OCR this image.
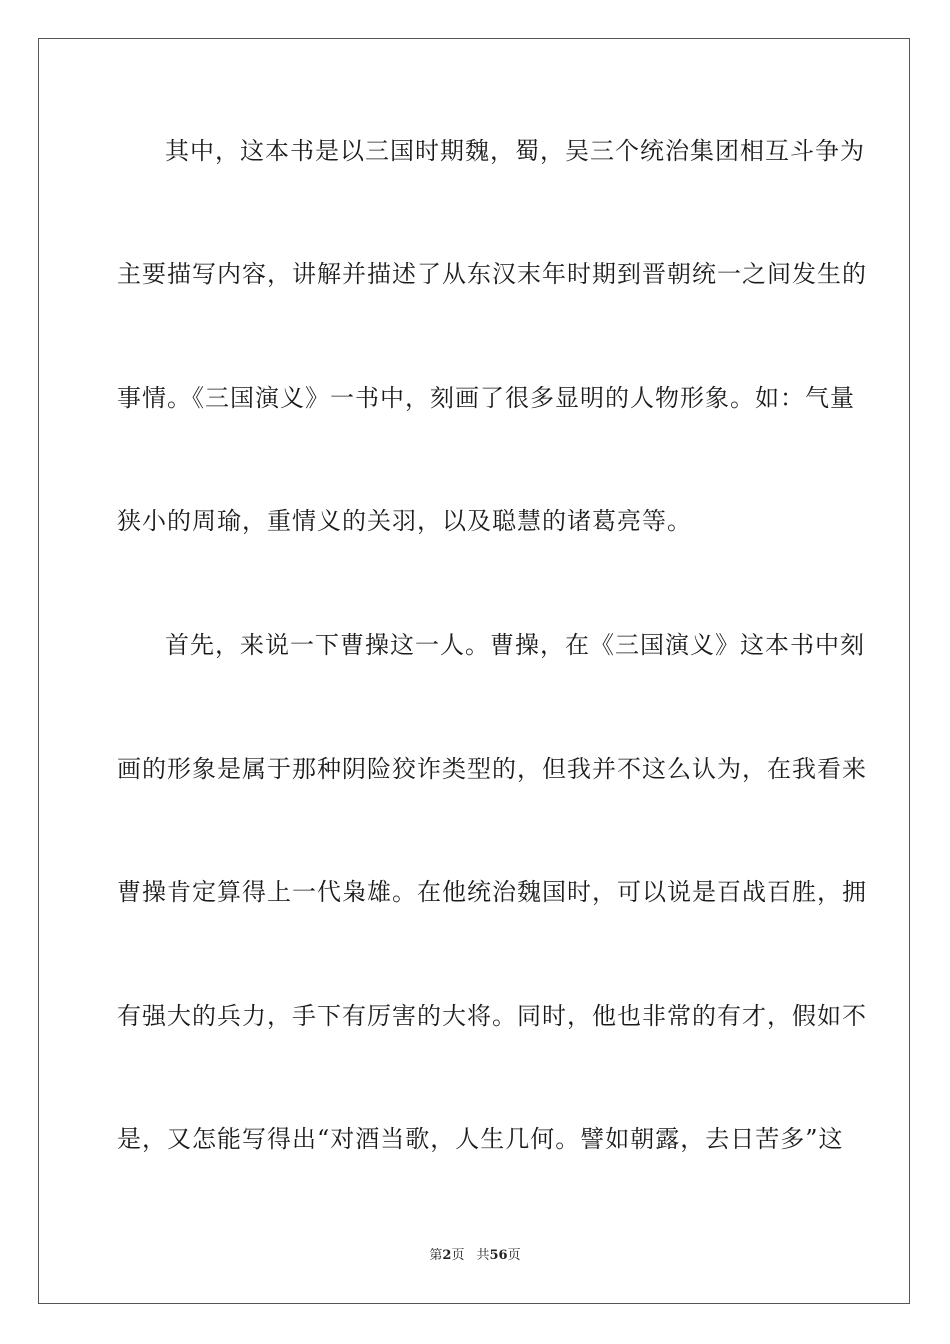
其中，这本书是以三国时期魏，蜀，吴三个统治集团相互斗争为
主要描写内容，讲解并描述了从东汉末年时期到晋朝统一之间发生的
事情。《三国演义》一书中，刻画了很多显明的人物形象。如：气量
狭小的周瑜，重情义的关羽，以及聪慧的诸葛亮等。
首先，来说一下曹操这一人。曹操，在《三国演义》这本书中刻
画的形象是属于那种阴险狡诈类型的，但我并不这么认为，在我看来
曹操肯定算得上一代枭雄。在他统治魏国时，可以说是百战百胜，拥
有强大的兵力，手下有厉害的大将。同时，他也非常的有才，假如不
是，又怎能写得出“对酒当歌，人生几何。譬如朝露，去日苦多”这
第2页 共56页
